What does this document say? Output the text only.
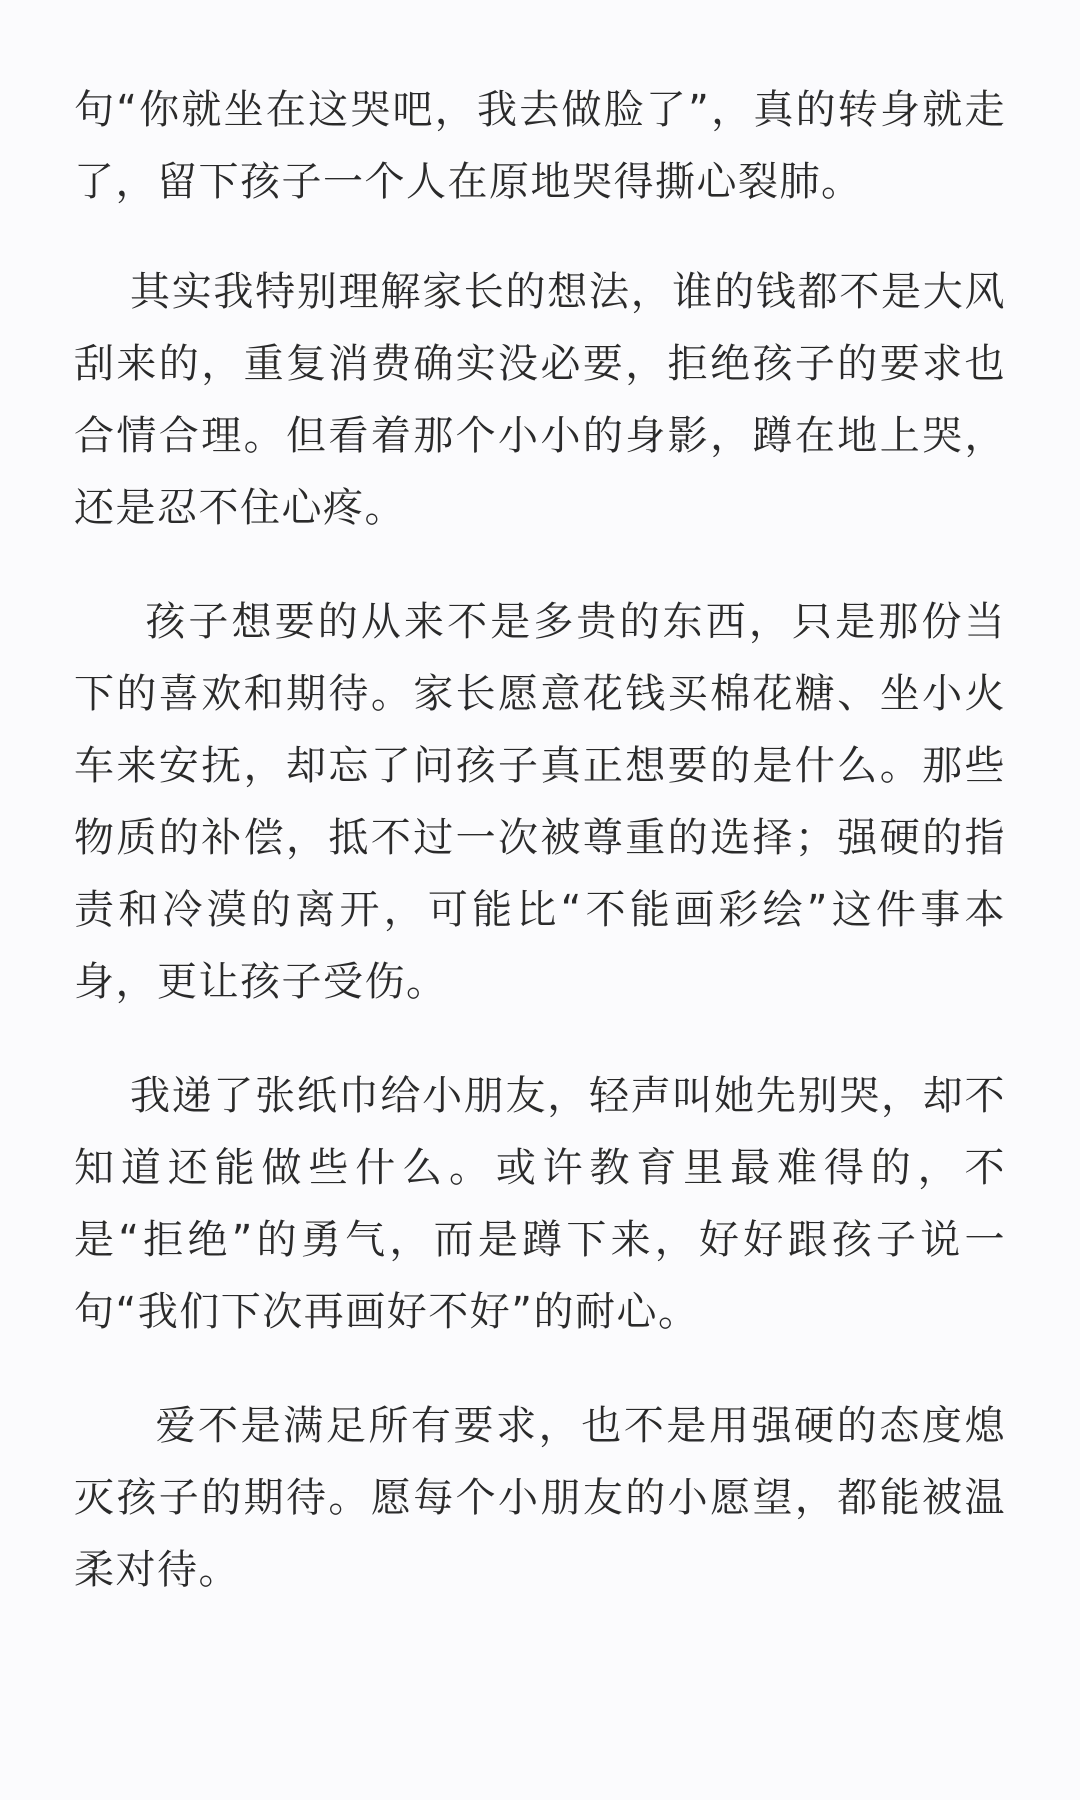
句“你就坐在这哭吧，我去做脸了”，真的转身就走了，留下孩子一个人在原地哭得撕心裂肺。

其实我特别理解家长的想法，谁的钱都不是大风刮来的，重复消费确实没必要，拒绝孩子的要求也合情合理。但看着那个小小的身影，蹲在地上哭，还是忍不住心疼。

孩子想要的从来不是多贵的东西，只是那份当下的喜欢和期待。家长愿意花钱买棉花糖、坐小火车来安抚，却忘了问孩子真正想要的是什么。那些物质的补偿，抵不过一次被尊重的选择；强硬的指责和冷漠的离开，可能比“不能画彩绘”这件事本身，更让孩子受伤。

我递了张纸巾给小朋友，轻声叫她先别哭，却不知道还能做些什么。或许教育里最难得的，不是“拒绝”的勇气，而是蹲下来，好好跟孩子说一句“我们下次再画好不好”的耐心。

爱不是满足所有要求，也不是用强硬的态度熄灭孩子的期待。愿每个小朋友的小愿望，都能被温柔对待。
